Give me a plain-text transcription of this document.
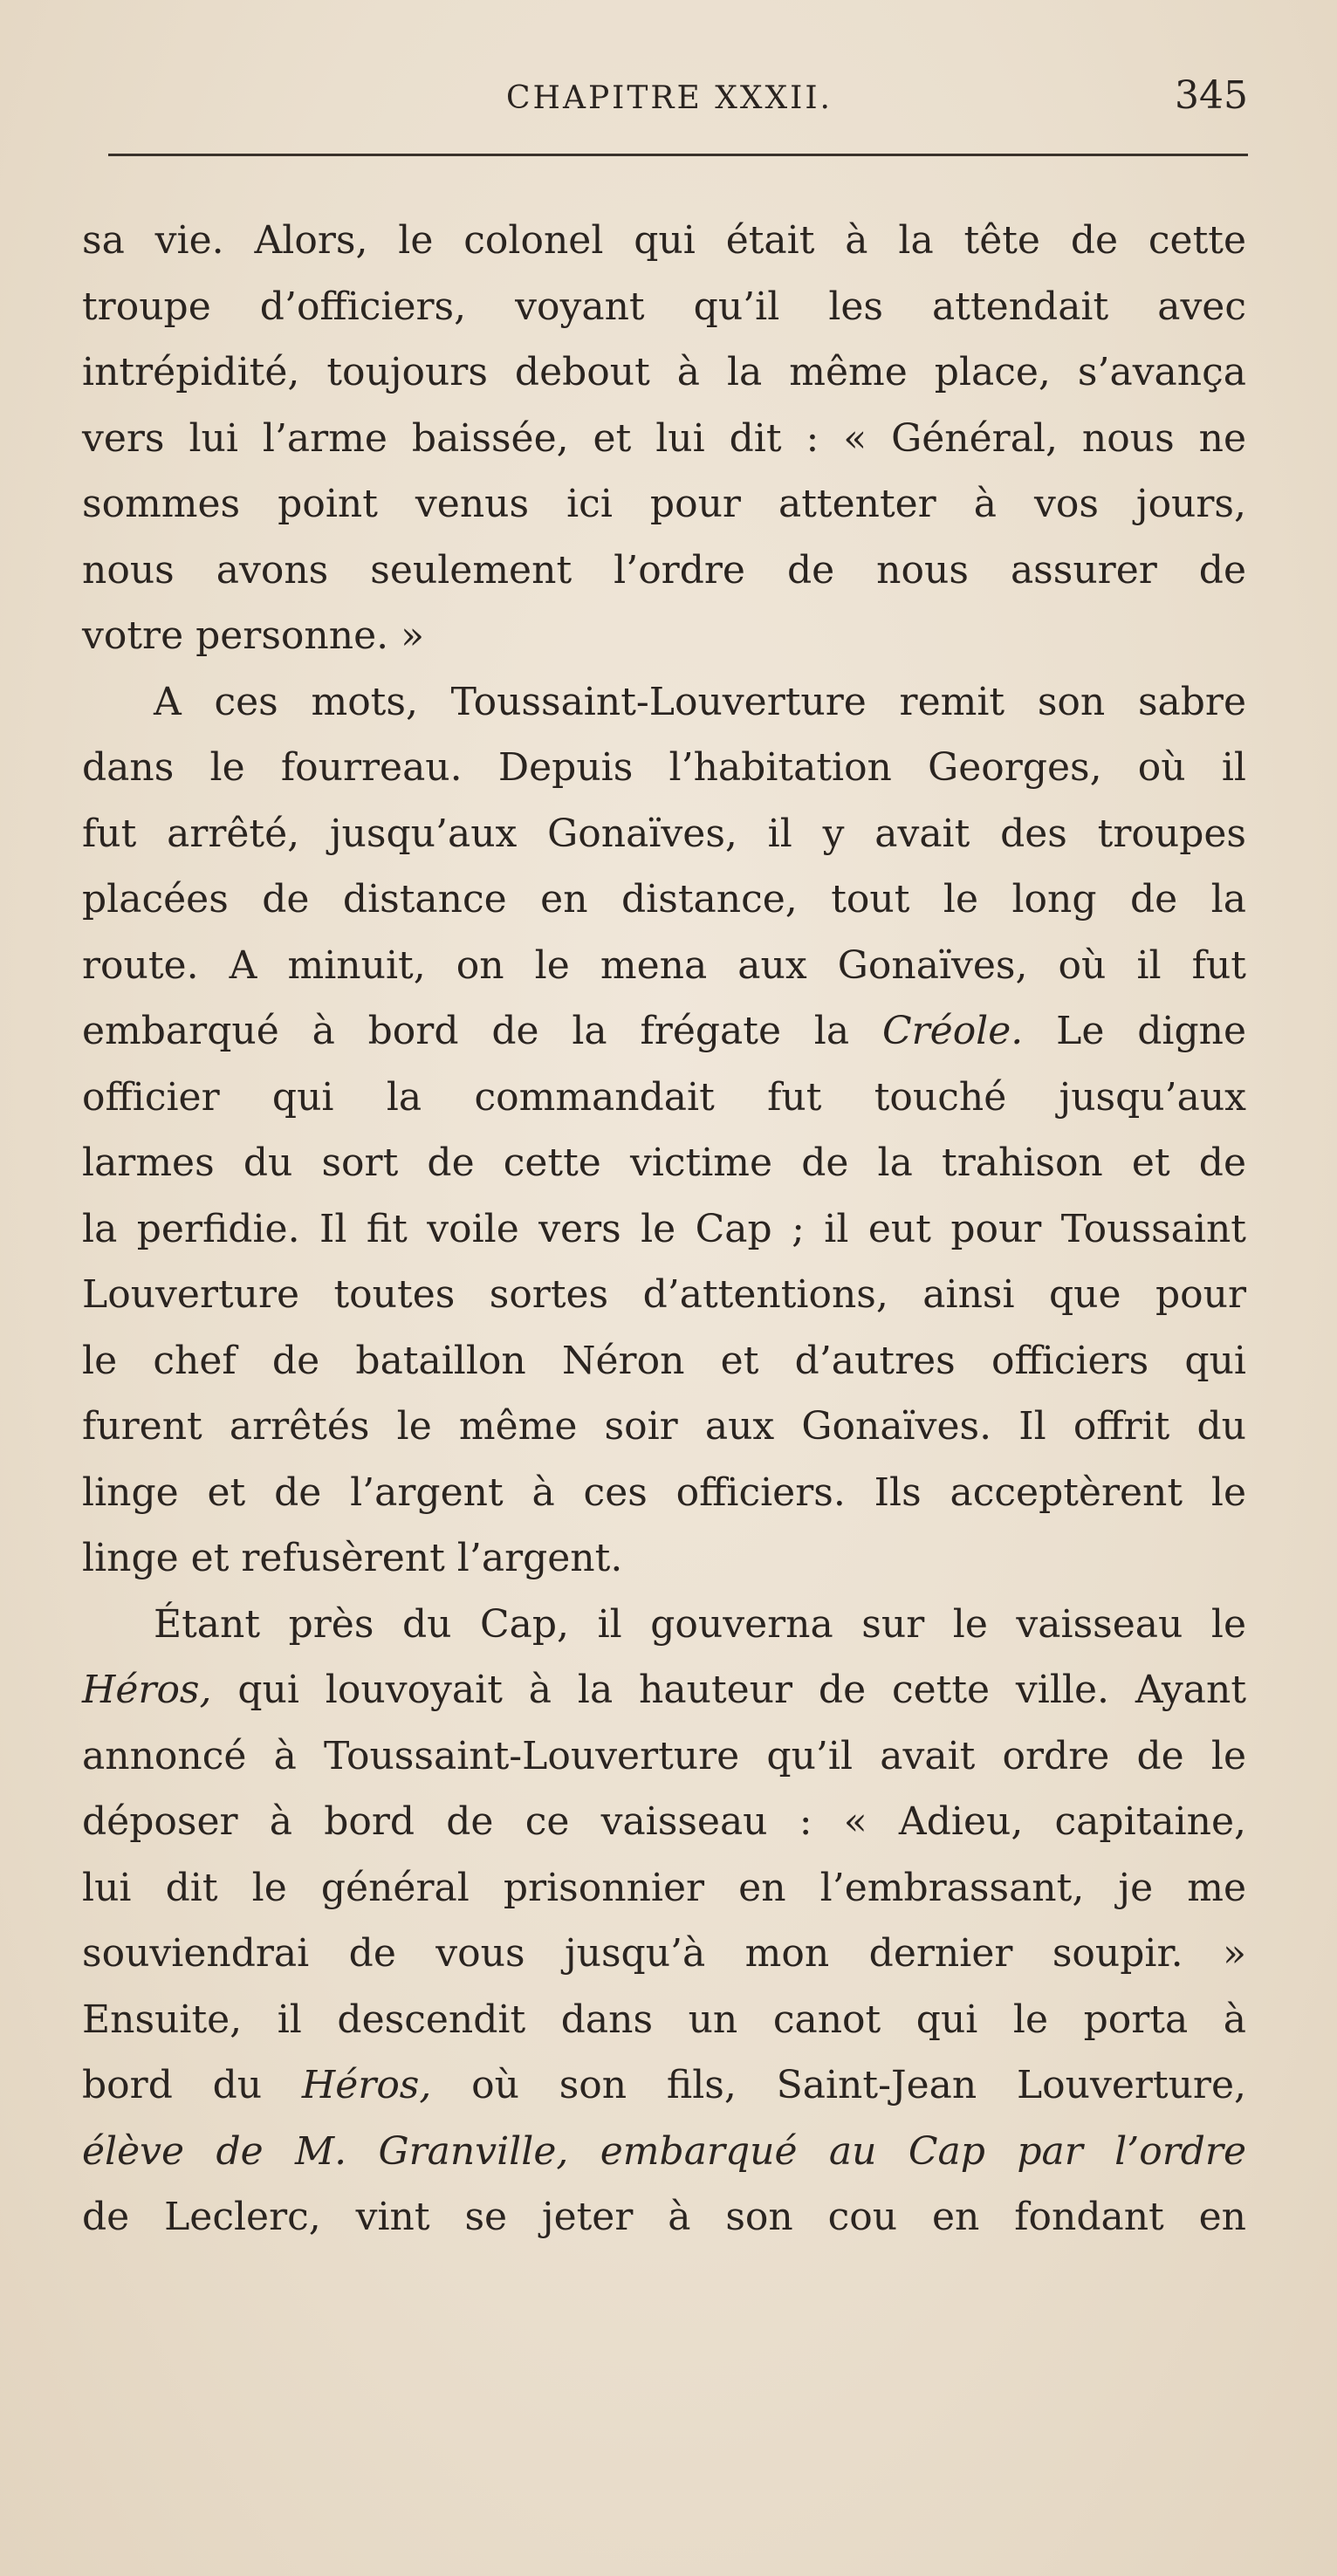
CHAPITRE XXXII.	345
sa vie. Alors, le colonel qui était à la tête de cette
troupe d’officiers, voyant qu’il les attendait avec
intrépidité, toujours debout à la même place, s’avança
vers lui l’arme baissée, et lui dit : « Général, nous ne
sommes point venus ici pour attenter à vos jours,
nous avons seulement l’ordre de nous assurer de
votre personne. »
A ces mots, Toussaint-Louverture remit son sabre
dans le fourreau. Depuis l’habitation Georges, où il
fut arrêté, jusqu’aux Gonaïves, il y avait des troupes
placées de distance en distance, tout le long de la
route. A minuit, on le mena aux Gonaïves, où il fut
embarqué à bord de la frégate la Créole. Le digne
officier qui la commandait fut touché jusqu’aux
larmes du sort de cette victime de la trahison et de
la perfidie. Il fit voile vers le Cap ; il eut pour Toussaint
Louverture toutes sortes d’attentions, ainsi que pour
le chef de bataillon Néron et d’autres officiers qui
furent arrêtés le même soir aux Gonaïves. Il offrit du
linge et de l’argent à ces officiers. Ils acceptèrent le
linge et refusèrent l’argent.
Étant près du Cap, il gouverna sur le vaisseau le
Héros, qui louvoyait à la hauteur de cette ville. Ayant
annoncé à Toussaint-Louverture qu’il avait ordre de le
déposer à bord de ce vaisseau : « Adieu, capitaine,
lui dit le général prisonnier en l’embrassant, je me
souviendrai de vous jusqu’à mon dernier soupir. »
Ensuite, il descendit dans un canot qui le porta à
bord du Héros, où son fils, Saint-Jean Louverture,
élève de M. Granville, embarqué au Cap par l’ordre
de Leclerc, vint se jeter à son cou en fondant en
